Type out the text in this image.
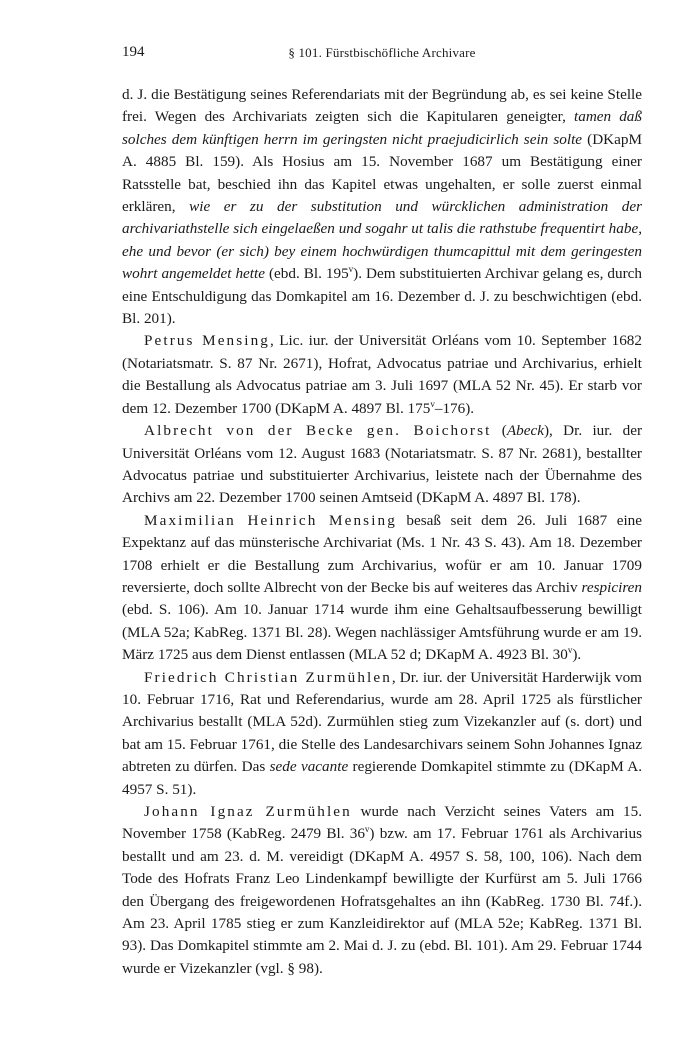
194	§ 101. Fürstbischöfliche Archivare

d. J. die Bestätigung seines Referendariats mit der Begründung ab, es sei keine Stelle frei. Wegen des Archivariats zeigten sich die Kapitularen geneigter, tamen daß solches dem künftigen herrn im geringsten nicht praejudicirlich sein solte (DKapM A. 4885 Bl. 159). Als Hosius am 15. November 1687 um Bestätigung einer Ratsstelle bat, beschied ihn das Kapitel etwas ungehalten, er solle zuerst einmal erklären, wie er zu der substitution und würcklichen administration der archivariathstelle sich eingelaeßen und sogahr ut talis die rathstube frequentirt habe, ehe und bevor (er sich) bey einem hochwürdigen thumcapittul mit dem geringesten wohrt angemeldet hette (ebd. Bl. 195$^v$). Dem substituierten Archivar gelang es, durch eine Entschuldigung das Domkapitel am 16. Dezember d. J. zu beschwichtigen (ebd. Bl. 201).

Petrus Mensing, Lic. iur. der Universität Orléans vom 10. September 1682 (Notariatsmatr. S. 87 Nr. 2671), Hofrat, Advocatus patriae und Archivarius, erhielt die Bestallung als Advocatus patriae am 3. Juli 1697 (MLA 52 Nr. 45). Er starb vor dem 12. Dezember 1700 (DKapM A. 4897 Bl. 175$^v$–176).

Albrecht von der Becke gen. Boichorst (Abeck), Dr. iur. der Universität Orléans vom 12. August 1683 (Notariatsmatr. S. 87 Nr. 2681), bestallter Advocatus patriae und substituierter Archivarius, leistete nach der Übernahme des Archivs am 22. Dezember 1700 seinen Amtseid (DKapM A. 4897 Bl. 178).

Maximilian Heinrich Mensing besaß seit dem 26. Juli 1687 eine Expektanz auf das münsterische Archivariat (Ms. 1 Nr. 43 S. 43). Am 18. Dezember 1708 erhielt er die Bestallung zum Archivarius, wofür er am 10. Januar 1709 reversierte, doch sollte Albrecht von der Becke bis auf weiteres das Archiv respiciren (ebd. S. 106). Am 10. Januar 1714 wurde ihm eine Gehaltsaufbesserung bewilligt (MLA 52a; KabReg. 1371 Bl. 28). Wegen nachlässiger Amtsführung wurde er am 19. März 1725 aus dem Dienst entlassen (MLA 52 d; DKapM A. 4923 Bl. 30$^v$).

Friedrich Christian Zurmühlen, Dr. iur. der Universität Harderwijk vom 10. Februar 1716, Rat und Referendarius, wurde am 28. April 1725 als fürstlicher Archivarius bestallt (MLA 52d). Zurmühlen stieg zum Vizekanzler auf (s. dort) und bat am 15. Februar 1761, die Stelle des Landesarchivars seinem Sohn Johannes Ignaz abtreten zu dürfen. Das sede vacante regierende Domkapitel stimmte zu (DKapM A. 4957 S. 51).

Johann Ignaz Zurmühlen wurde nach Verzicht seines Vaters am 15. November 1758 (KabReg. 2479 Bl. 36$^v$) bzw. am 17. Februar 1761 als Archivarius bestallt und am 23. d. M. vereidigt (DKapM A. 4957 S. 58, 100, 106). Nach dem Tode des Hofrats Franz Leo Lindenkampf bewilligte der Kurfürst am 5. Juli 1766 den Übergang des freigewordenen Hofratsgehaltes an ihn (KabReg. 1730 Bl. 74f.). Am 23. April 1785 stieg er zum Kanzleidirektor auf (MLA 52e; KabReg. 1371 Bl. 93). Das Domkapitel stimmte am 2. Mai d. J. zu (ebd. Bl. 101). Am 29. Februar 1744 wurde er Vizekanzler (vgl. § 98).
